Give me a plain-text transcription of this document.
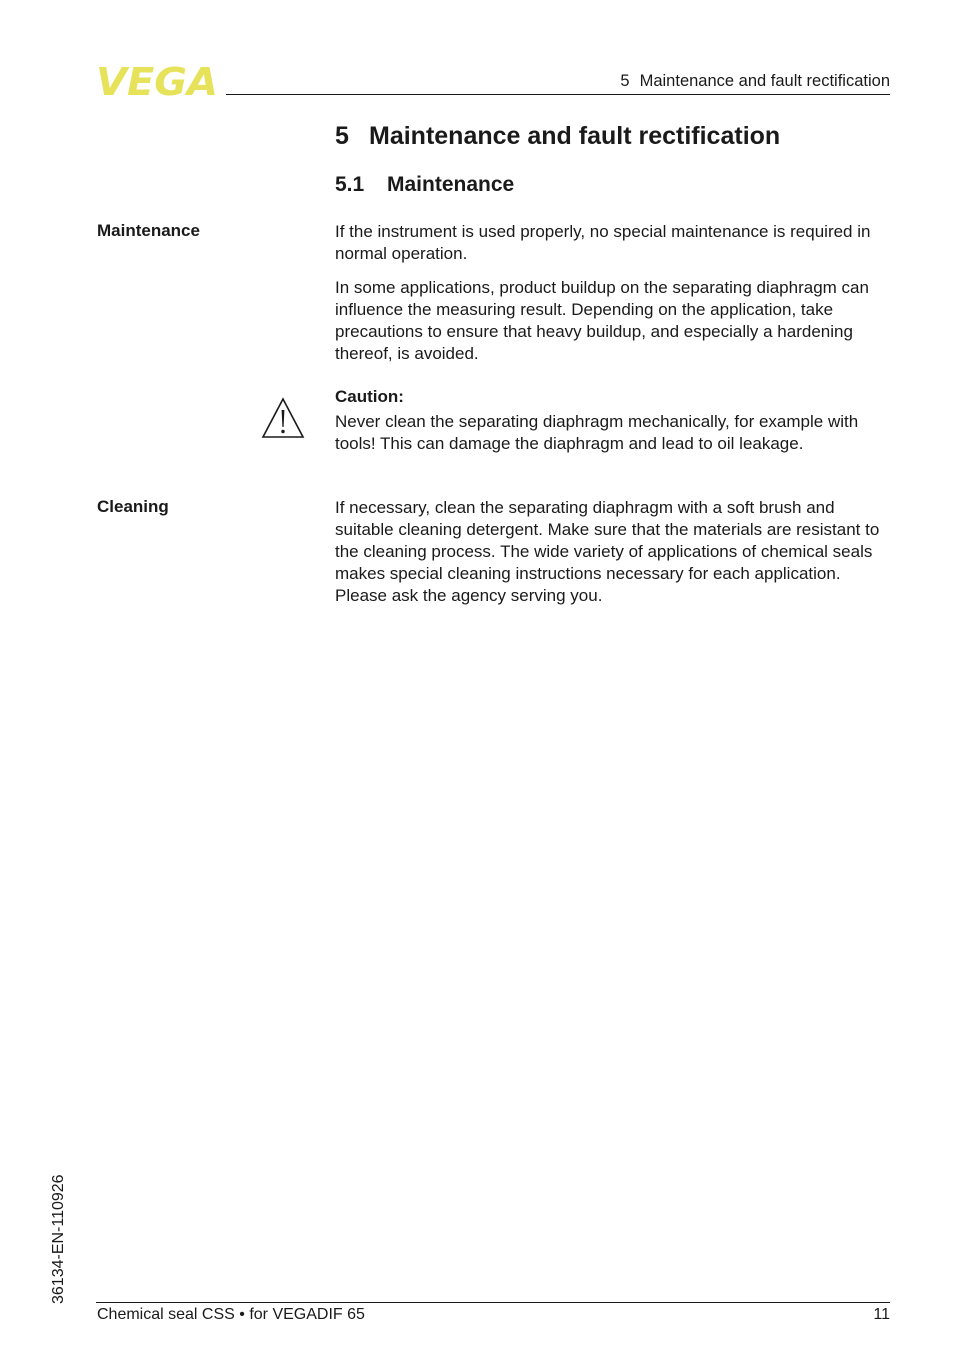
VEGA	5 Maintenance and fault rectification
5 Maintenance and fault rectification
5.1 Maintenance
Maintenance	If the instrument is used properly, no special maintenance is required in normal operation.

In some applications, product buildup on the separating diaphragm can influence the measuring result. Depending on the application, take precautions to ensure that heavy buildup, and especially a hardening thereof, is avoided.

Caution:

Never clean the separating diaphragm mechanically, for example with tools! This can damage the diaphragm and lead to oil leakage.

Cleaning	If necessary, clean the separating diaphragm with a soft brush and suitable cleaning detergent. Make sure that the materials are resistant to the cleaning process. The wide variety of applications of chemical seals makes special cleaning instructions necessary for each application. Please ask the agency serving you.

36134-EN-110926
Chemical seal CSS • for VEGADIF 65	11
